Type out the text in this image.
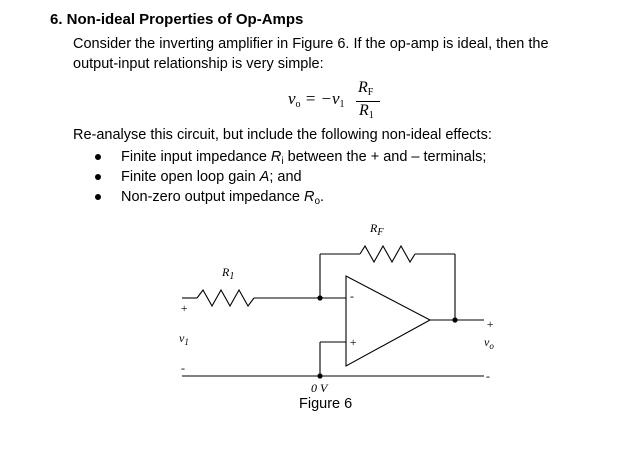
6. Non-ideal Properties of Op-Amps
Consider the inverting amplifier in Figure 6. If the op-amp is ideal, then the
output-input relationship is very simple:
$v_o = -v_1$
$R_F$
$R_1$
Re-analyse this circuit, but include the following non-ideal effects:
Finite input impedance $R_i$ between the + and – terminals;
Finite open loop gain A; and
Non-zero output impedance $R_o$.
$R_F$
$R_1$
+
$v_1$
-
-
+
+
$v_o$
-
0 V
Figure 6
